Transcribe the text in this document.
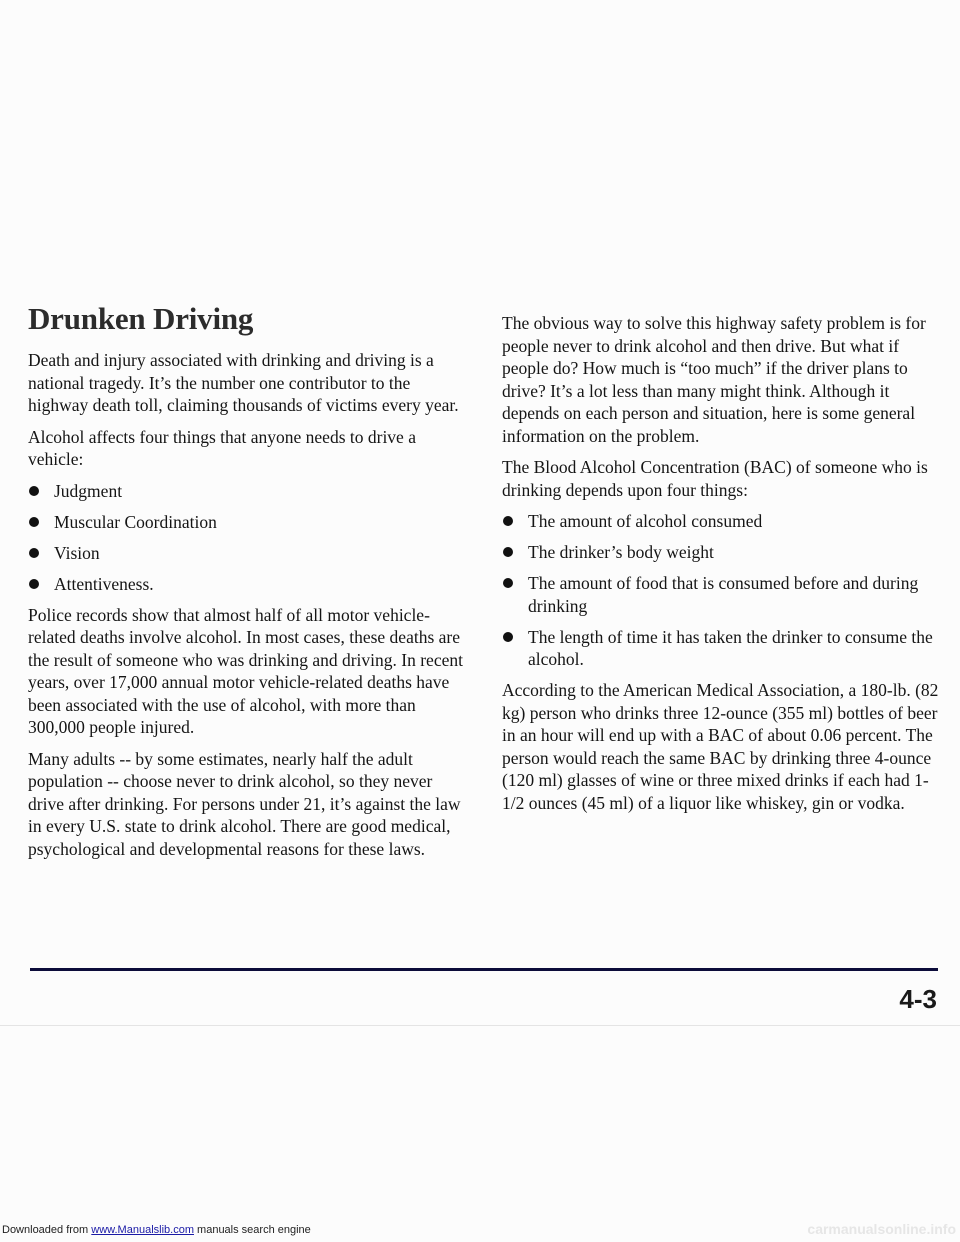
Drunken Driving

Death and injury associated with drinking and driving is a national tragedy. It’s the number one contributor to the highway death toll, claiming thousands of victims every year.

Alcohol affects four things that anyone needs to drive a vehicle:

Judgment
Muscular Coordination
Vision
Attentiveness.

Police records show that almost half of all motor vehicle-related deaths involve alcohol. In most cases, these deaths are the result of someone who was drinking and driving. In recent years, over 17,000 annual motor vehicle-related deaths have been associated with the use of alcohol, with more than 300,000 people injured.

Many adults -- by some estimates, nearly half the adult population -- choose never to drink alcohol, so they never drive after drinking. For persons under 21, it’s against the law in every U.S. state to drink alcohol. There are good medical, psychological and developmental reasons for these laws.

The obvious way to solve this highway safety problem is for people never to drink alcohol and then drive. But what if people do? How much is “too much” if the driver plans to drive? It’s a lot less than many might think. Although it depends on each person and situation, here is some general information on the problem.

The Blood Alcohol Concentration (BAC) of someone who is drinking depends upon four things:

The amount of alcohol consumed
The drinker’s body weight
The amount of food that is consumed before and during drinking
The length of time it has taken the drinker to consume the alcohol.

According to the American Medical Association, a 180-lb. (82 kg) person who drinks three 12-ounce (355 ml) bottles of beer in an hour will end up with a BAC of about 0.06 percent. The person would reach the same BAC by drinking three 4-ounce (120 ml) glasses of wine or three mixed drinks if each had 1-1/2 ounces (45 ml) of a liquor like whiskey, gin or vodka.

4-3
Downloaded from www.Manualslib.com manuals search engine	carmanualsonline.info
